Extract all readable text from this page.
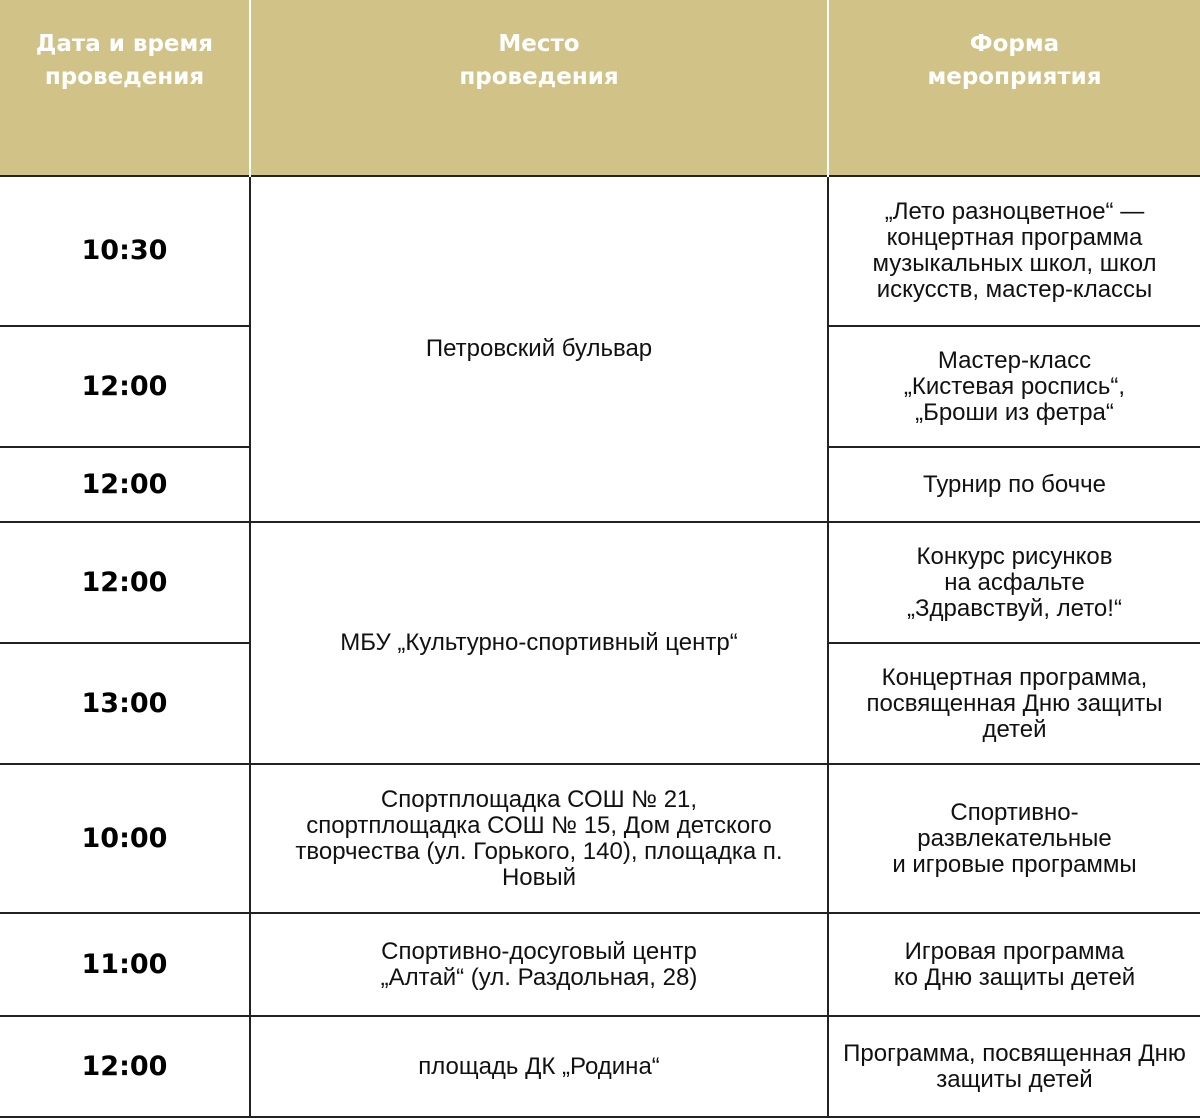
Дата и время
проведения	Место
проведения	Форма
мероприятия

10:30	Петровский бульвар	„Лето разноцветное“ — концертная программа музыкальных школ, школ искусств, мастер-классы
12:00		Мастер-класс
„Кистевая роспись“,
„Броши из фетра“
12:00		Турнир по бочче
12:00	МБУ „Культурно-спортивный центр“	Конкурс рисунков
на асфальте
„Здравствуй, лето!“
13:00		Концертная программа, посвященная Дню защиты детей
10:00	Спортплощадка СОШ № 21, спортплощадка СОШ № 15, Дом детского творчества (ул. Горького, 140), площадка п. Новый	Спортивно-
развлекательные
и игровые программы
11:00	Спортивно-досуговый центр
„Алтай“ (ул. Раздольная, 28)	Игровая программа
ко Дню защиты детей
12:00	площадь ДК „Родина“	Программа, посвященная Дню защиты детей
